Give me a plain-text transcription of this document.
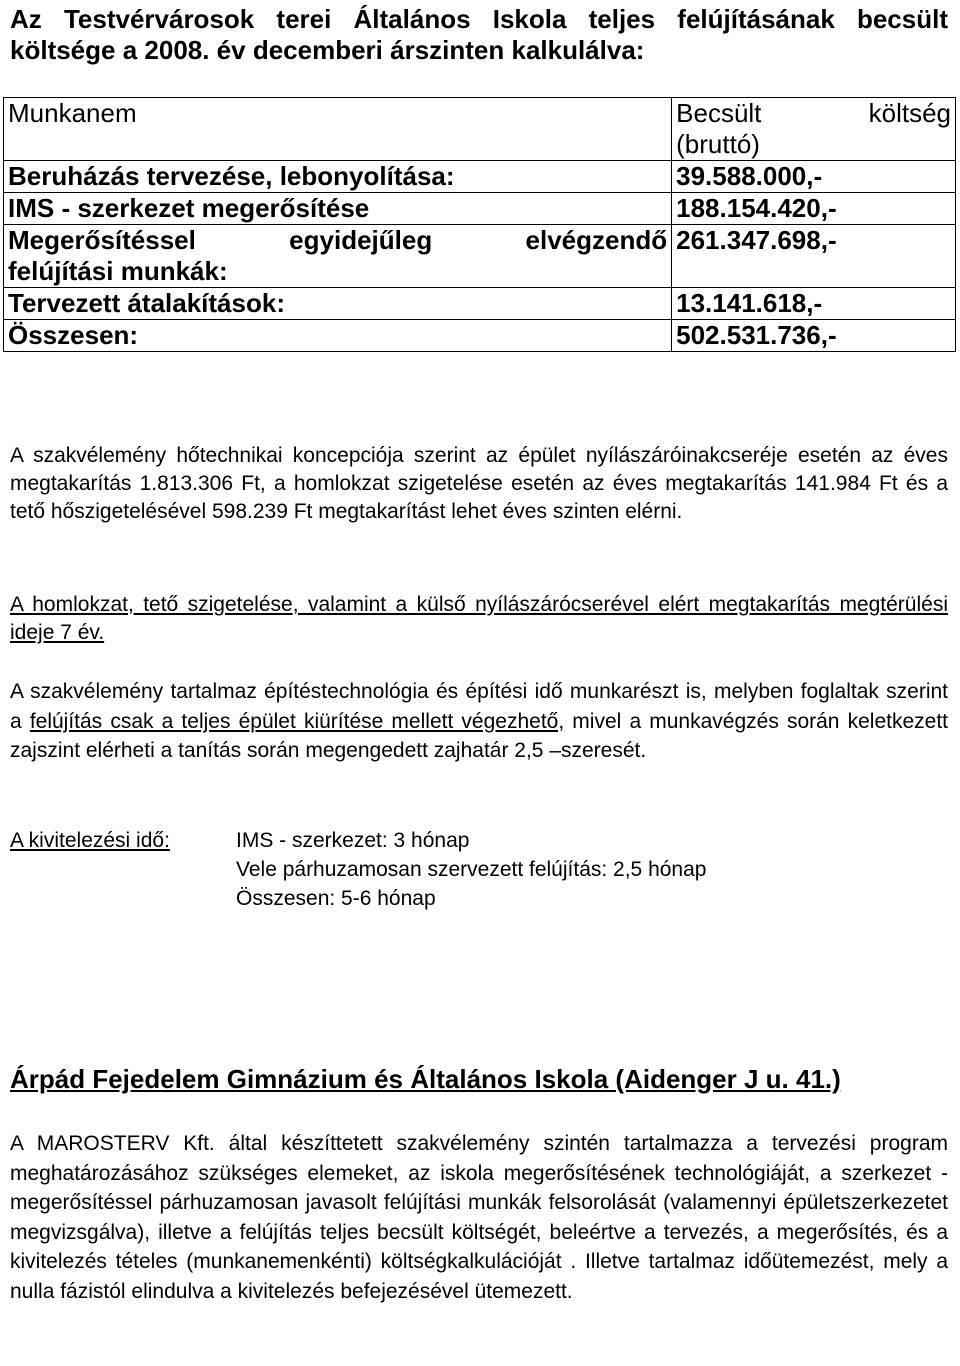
Az Testvérvárosok terei Általános Iskola teljes felújításának becsült költsége a 2008. év decemberi árszinten kalkulálva:
Munkanem	Becsült költség
(bruttó)
Beruházás tervezése, lebonyolítása:	39.588.000,-
IMS - szerkezet megerősítése	188.154.420,-

Megerősítéssel egyidejűleg elvégzendő
felújítási munkák:	261.347.698,-
Tervezett átalakítások:	13.141.618,-
Összesen:	502.531.736,-
A szakvélemény hőtechnikai koncepciója szerint az épület nyílászáróinakcseréje esetén az éves megtakarítás 1.813.306 Ft, a homlokzat szigetelése esetén az éves megtakarítás 141.984 Ft és a tető hőszigetelésével 598.239 Ft megtakarítást lehet éves szinten elérni.
A homlokzat, tető szigetelése, valamint a külső nyílászárócserével elért megtakarítás megtérülési ideje 7 év.
A szakvélemény tartalmaz építéstechnológia és építési idő munkarészt is, melyben foglaltak szerint a felújítás csak a teljes épület kiürítése mellett végezhető, mivel a munkavégzés során keletkezett zajszint elérheti a tanítás során megengedett zajhatár 2,5 –szeresét.
A kivitelezési idő:	IMS - szerkezet: 3 hónap
Vele párhuzamosan szervezett felújítás: 2,5 hónap
Összesen: 5-6 hónap
Árpád Fejedelem Gimnázium és Általános Iskola (Aidenger J u. 41.)
A MAROSTERV Kft. által készíttetett szakvélemény szintén tartalmazza a tervezési program meghatározásához szükséges elemeket, az iskola megerősítésének technológiáját, a szerkezet - megerősítéssel párhuzamosan javasolt felújítási munkák felsorolását (valamennyi épületszerkezetet megvizsgálva), illetve a felújítás teljes becsült költségét, beleértve a tervezés, a megerősítés, és a kivitelezés tételes (munkanemenkénti) költségkalkulációját . Illetve tartalmaz időütemezést, mely a nulla fázistól elindulva a kivitelezés befejezésével ütemezett.
